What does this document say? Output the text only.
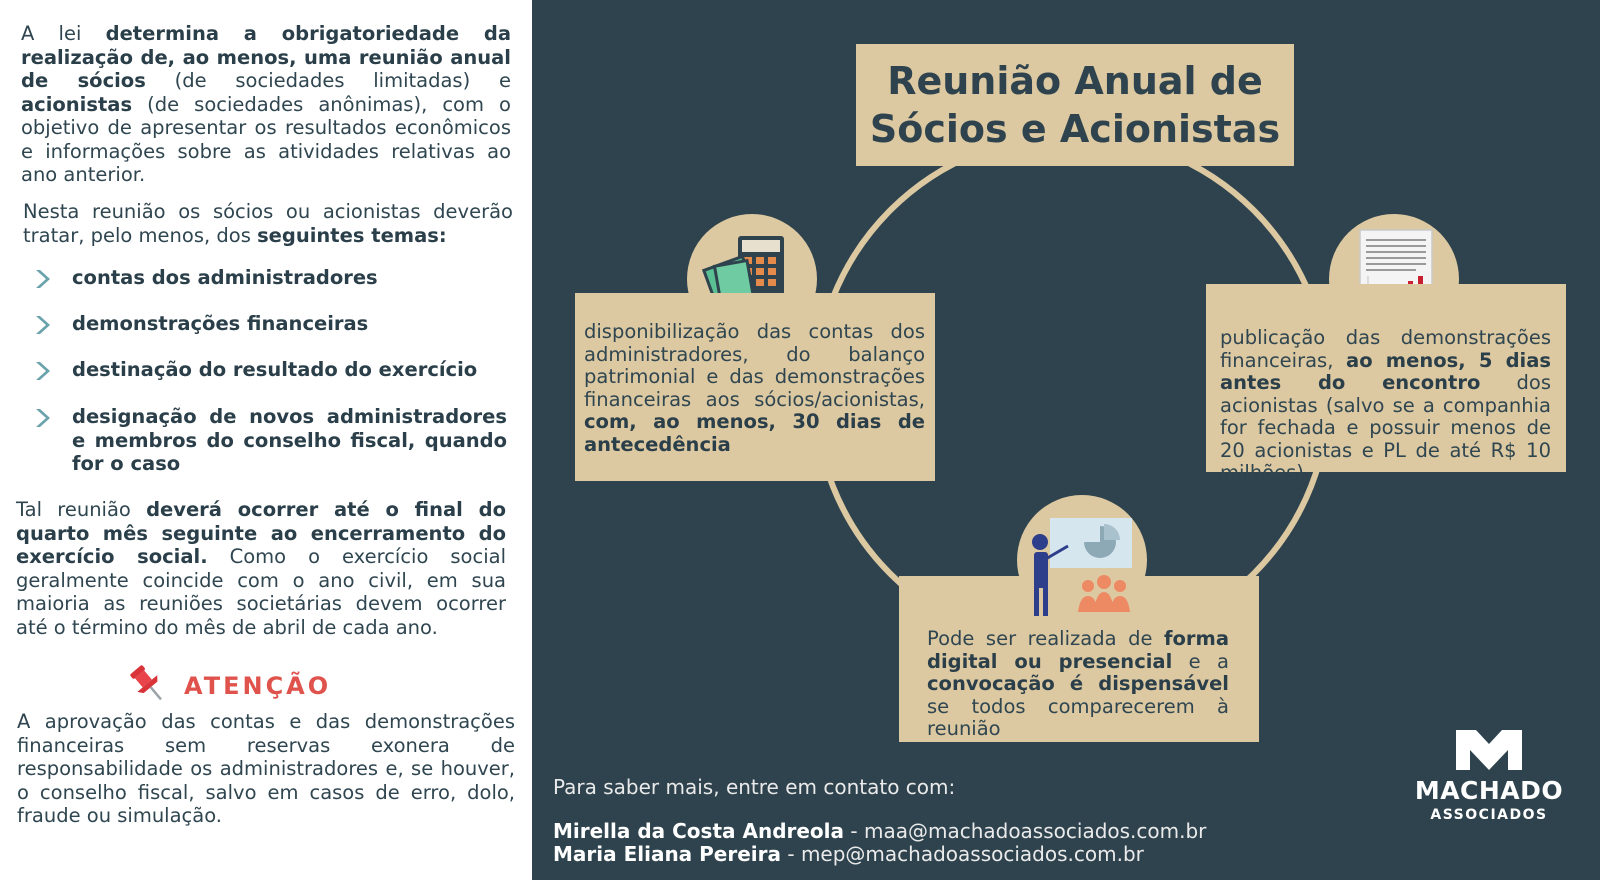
A lei determina a obrigatoriedade da realização de, ao menos, uma reunião anual de sócios (de sociedades limitadas) e acionistas (de sociedades anônimas), com o objetivo de apresentar os resultados econômicos e informações sobre as atividades relativas ao ano anterior.
Nesta reunião os sócios ou acionistas deverão tratar, pelo menos, dos seguintes temas:
contas dos administradores
demonstrações financeiras
destinação do resultado do exercício
designação de novos administradores e membros do conselho fiscal, quando for o caso
Tal reunião deverá ocorrer até o final do quarto mês seguinte ao encerramento do exercício social. Como o exercício social geralmente coincide com o ano civil, em sua maioria as reuniões societárias devem ocorrer até o término do mês de abril de cada ano.
ATENÇÃO
A aprovação das contas e das demonstrações financeiras sem reservas exonera de responsabilidade os administradores e, se houver, o conselho fiscal, salvo em casos de erro, dolo, fraude ou simulação.
Reunião Anual de
Sócios e Acionistas
disponibilização das contas dos administradores, do balanço patrimonial e das demonstrações financeiras aos sócios/acionistas, com, ao menos, 30 dias de antecedência
publicação das demonstrações financeiras, ao menos, 5 dias antes do encontro dos acionistas (salvo se a companhia for fechada e possuir menos de 20 acionistas e PL de até R$ 10 milhões)
Pode ser realizada de forma digital ou presencial e a convocação é dispensável se todos comparecerem à reunião
Para saber mais, entre em contato com:
Mirella da Costa Andreola - maa@machadoassociados.com.br
Maria Eliana Pereira - mep@machadoassociados.com.br
MACHADO
ASSOCIADOS
